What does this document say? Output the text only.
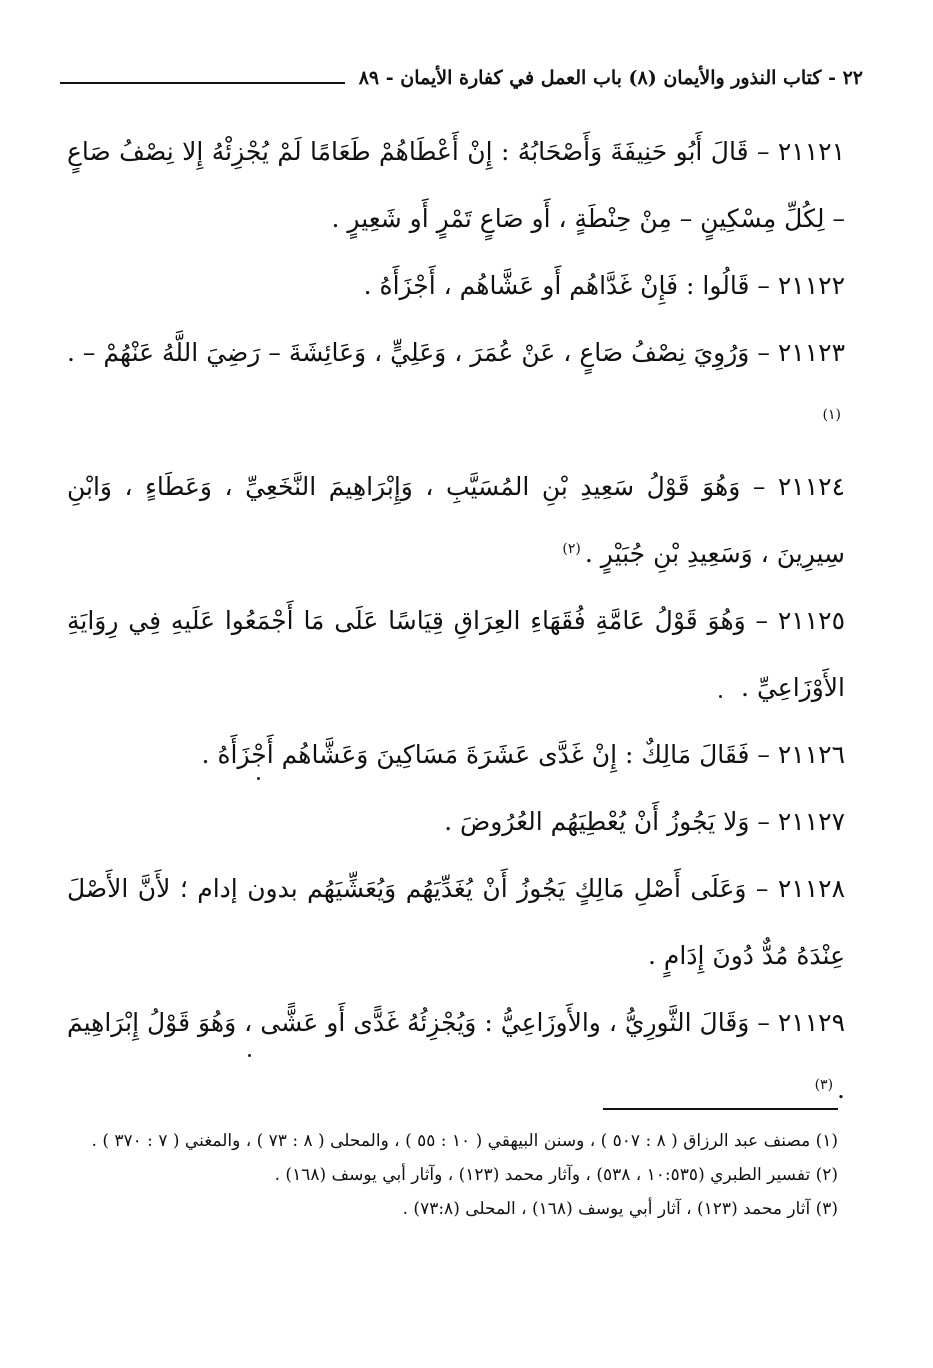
٢٢ - كتاب النذور والأيمان (٨) باب العمل في كفارة الأيمان - ٨٩

٢١١٢١ – قَالَ أَبُو حَنِيفَةَ وَأَصْحَابُهُ : إِنْ أَعْطَاهُمْ طَعَامًا لَمْ يُجْزِئْهُ إِلا نِصْفُ صَاعٍ – لِكُلِّ مِسْكِينٍ – مِنْ حِنْطَةٍ ، أَو صَاعٍ تَمْرٍ أَو شَعِيرٍ .

٢١١٢٢ – قَالُوا : فَإِنْ غَدَّاهُم أَو عَشَّاهُم ، أَجْزَأَهُ .

٢١١٢٣ – وَرُوِيَ نِصْفُ صَاعٍ ، عَنْ عُمَرَ ، وَعَلِيٍّ ، وَعَائِشَةَ – رَضِيَ اللَّهُ عَنْهُمْ – .$^{(١)}$

٢١١٢٤ – وَهُوَ قَوْلُ سَعِيدِ بْنِ المُسَيَّبِ ، وَإِبْرَاهِيمَ النَّخَعِيِّ ، وَعَطَاءٍ ، وَابْنِ سِيرِينَ ، وَسَعِيدِ بْنِ جُبَيْرٍ .$^{(٢)}$

٢١١٢٥ – وَهُوَ قَوْلُ عَامَّةِ فُقَهَاءِ العِرَاقِ قِيَاسًا عَلَى مَا أَجْمَعُوا عَلَيهِ فِي رِوَايَةِ الأَوْزَاعِيِّ .

٢١١٢٦ – فَقَالَ مَالِكٌ : إِنْ غَدَّى عَشَرَةَ مَسَاكِينَ وَعَشَّاهُم أَجْزَأَهُ .

٢١١٢٧ – وَلا يَجُوزُ أَنْ يُعْطِيَهُم العُرُوضَ .

٢١١٢٨ – وَعَلَى أَصْلِ مَالِكٍ يَجُوزُ أَنْ يُغَدِّيَهُم وَيُعَشِّيَهُم بدون إدام ؛ لأَنَّ الأَصْلَ عِنْدَهُ مُدٌّ دُونَ إِدَامٍ .

٢١١٢٩ – وَقَالَ الثَّورِيُّ ، والأَوزَاعِيُّ : وَيُجْزِئُهُ غَدًّى أَو عَشًّى ، وَهُوَ قَوْلُ إِبْرَاهِيمَ .$^{(٣)}$

(١) مصنف عبد الرزاق ( ٨ : ٥٠٧ ) ، وسنن البيهقي ( ١٠ : ٥٥ ) ، والمحلى ( ٨ : ٧٣ ) ، والمغني ( ٧ : ٣٧٠ ) .

(٢) تفسير الطبري (١٠:٥٣٥ ، ٥٣٨) ، وآثار محمد (١٢٣) ، وآثار أبي يوسف (١٦٨) .

(٣) آثار محمد (١٢٣) ، آثار أبي يوسف (١٦٨) ، المحلى (٧٣:٨) .
